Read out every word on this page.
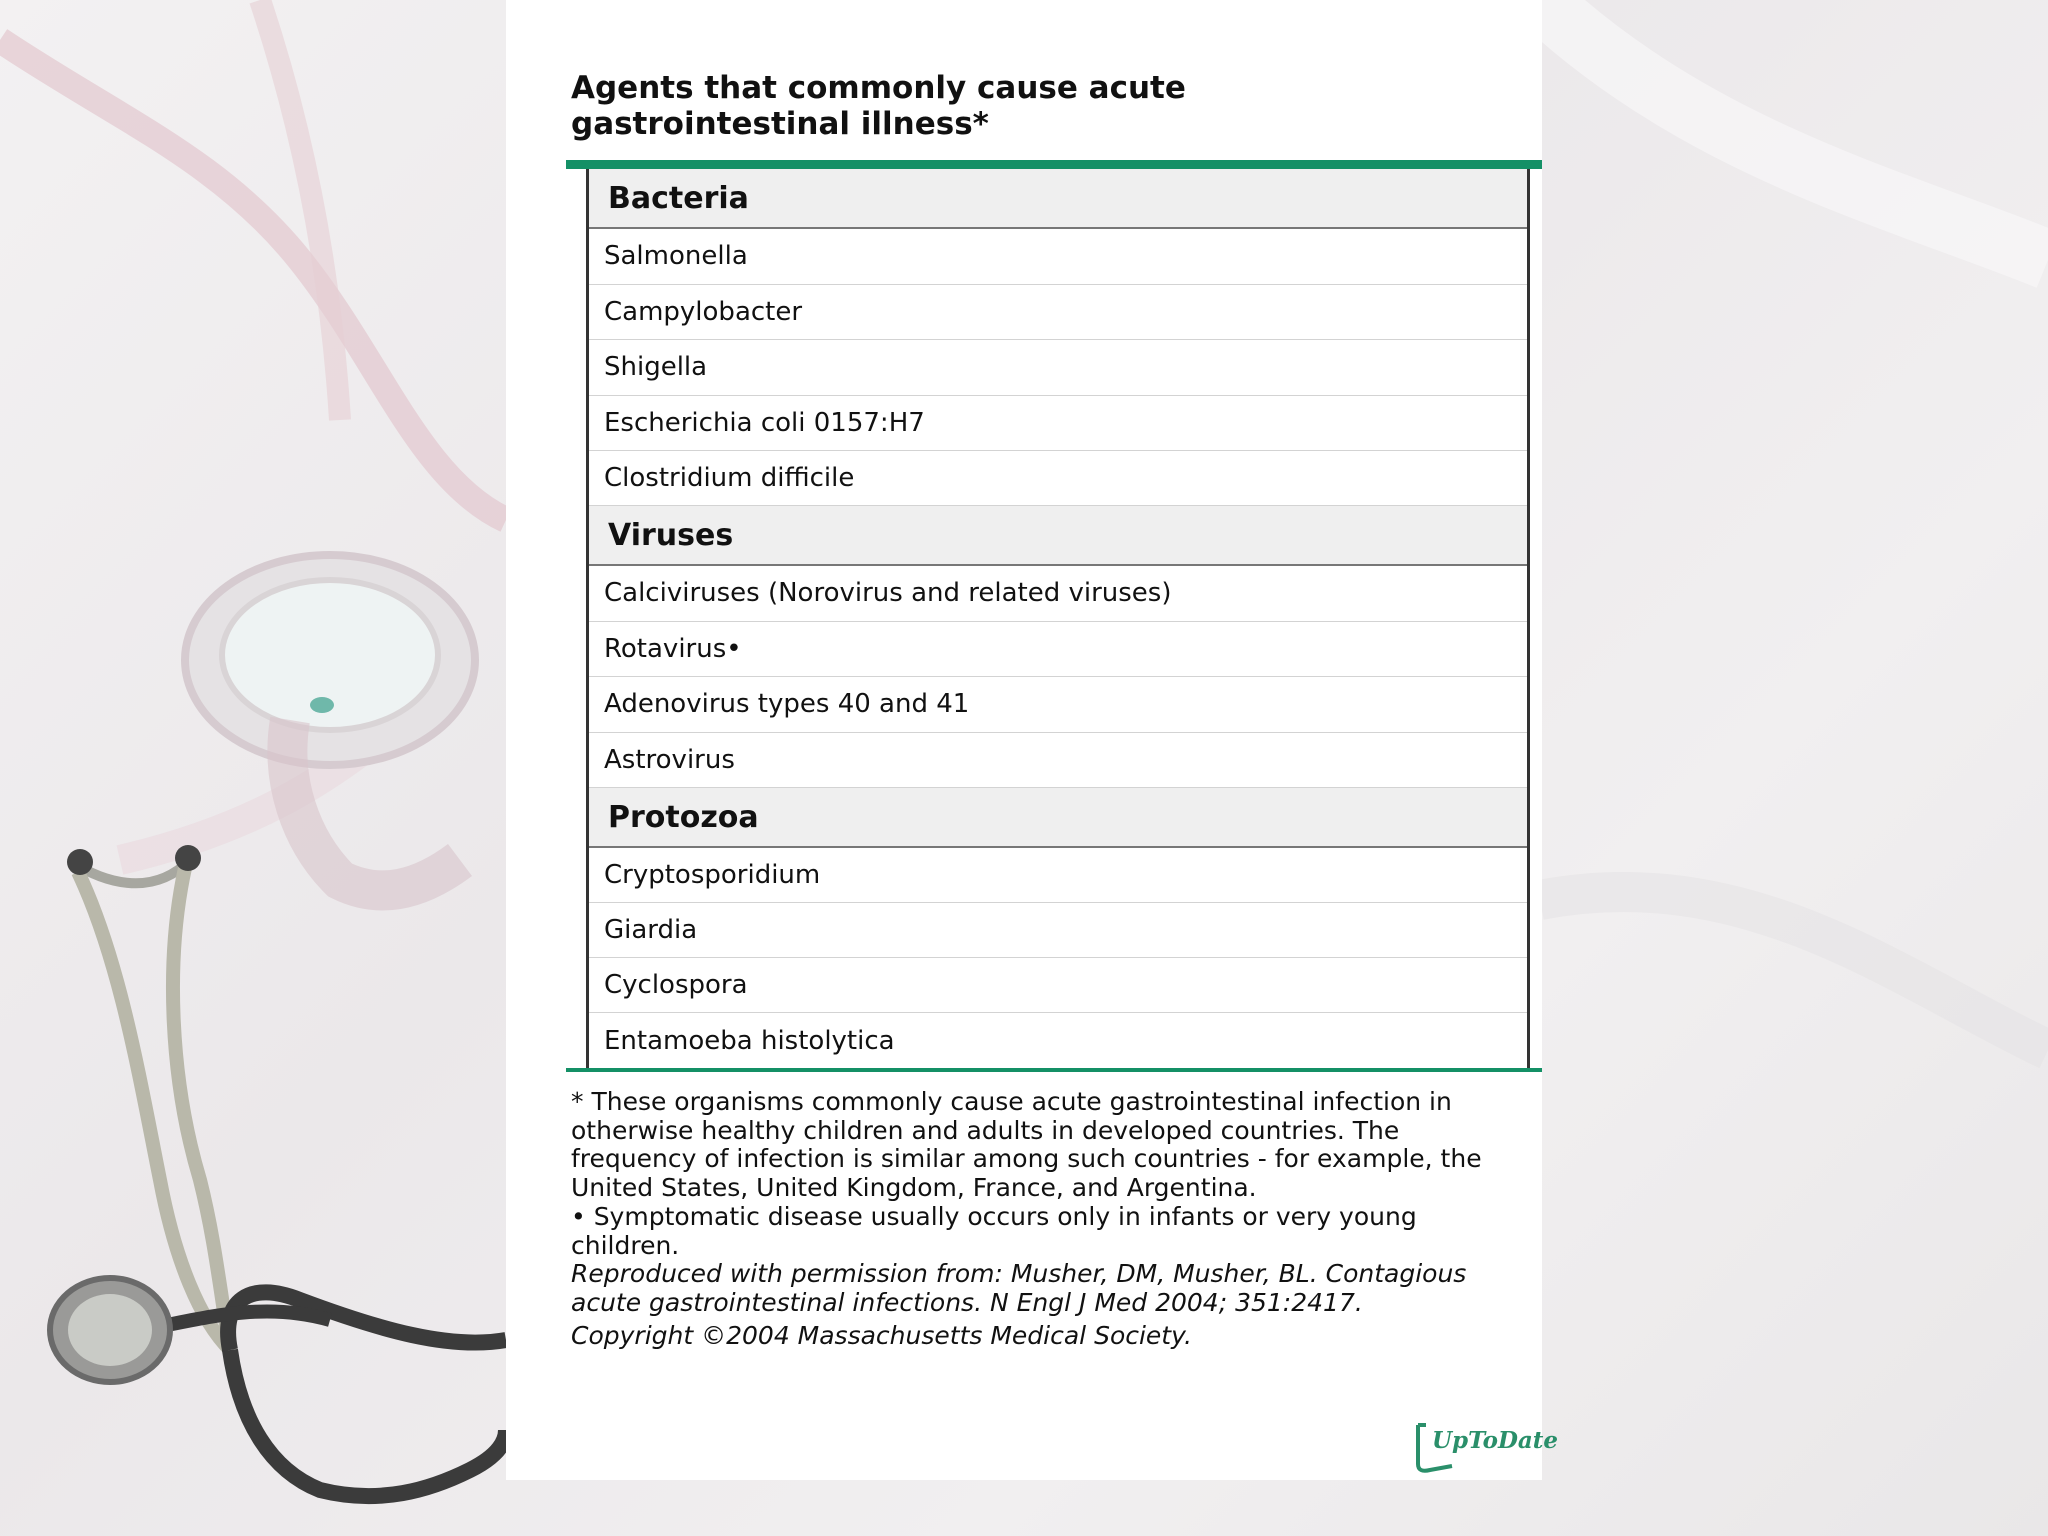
Agents that commonly cause acute gastrointestinal illness*
Bacteria
Salmonella
Campylobacter
Shigella
Escherichia coli 0157:H7
Clostridium difficile
Viruses
Calciviruses (Norovirus and related viruses)
Rotavirus•
Adenovirus types 40 and 41
Astrovirus
Protozoa
Cryptosporidium
Giardia
Cyclospora
Entamoeba histolytica

* These organisms commonly cause acute gastrointestinal infection in otherwise healthy children and adults in developed countries. The frequency of infection is similar among such countries - for example, the United States, United Kingdom, France, and Argentina.

• Symptomatic disease usually occurs only in infants or very young children.

Reproduced with permission from: Musher, DM, Musher, BL. Contagious acute gastrointestinal infections. N Engl J Med 2004; 351:2417.

Copyright ©2004 Massachusetts Medical Society.

UpToDate
